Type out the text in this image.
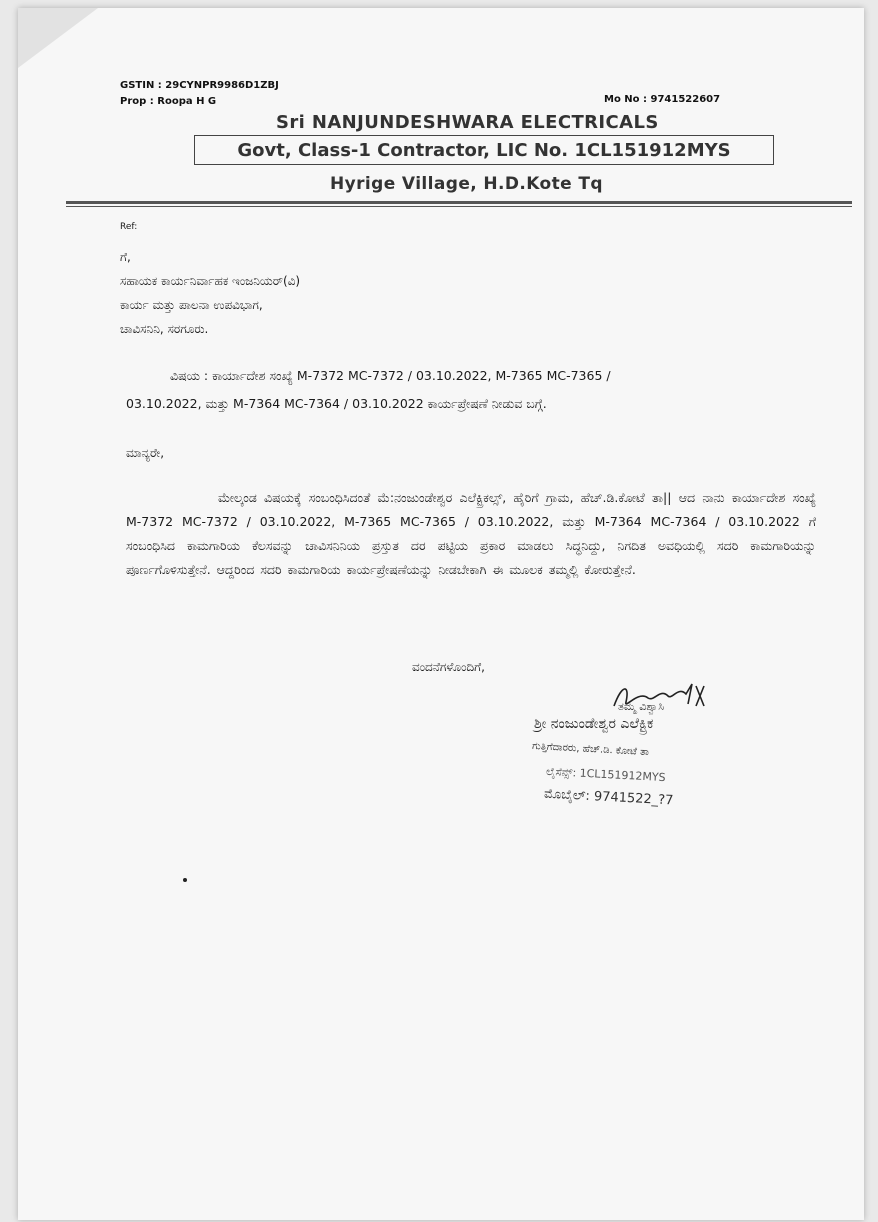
GSTIN : 29CYNPR9986D1ZBJ
Prop : Roopa H G	Mo No : 9741522607
Sri NANJUNDESHWARA ELECTRICALS
Govt, Class-1 Contractor, LIC No. 1CL151912MYS
Hyrige Village, H.D.Kote Tq
Ref:
ಗೆ,
ಸಹಾಯಕ ಕಾರ್ಯನಿರ್ವಾಹಕ ಇಂಜನಿಯರ್(ವಿ)
ಕಾರ್ಯ ಮತ್ತು ಪಾಲನಾ ಉಪವಿಭಾಗ,
ಚಾವಿಸನಿನಿ, ಸರಗೂರು.
ವಿಷಯ : ಕಾರ್ಯಾದೇಶ ಸಂಖ್ಯೆ M-7372 MC-7372 / 03.10.2022, M-7365 MC-7365 /
03.10.2022, ಮತ್ತು M-7364 MC-7364 / 03.10.2022 ಕಾರ್ಯಪ್ರೇಷಣೆ ನೀಡುವ ಬಗ್ಗೆ.
ಮಾನ್ಯರೇ,
ಮೇಲ್ಕಂಡ ವಿಷಯಕ್ಕೆ ಸಂಬಂಧಿಸಿದಂತೆ ಮೆ:ನಂಜುಂಡೇಶ್ವರ ಎಲೆಕ್ಟ್ರಿಕಲ್ಸ್, ಹೈರಿಗೆ ಗ್ರಾಮ, ಹೆಚ್.ಡಿ.ಕೋಟೆ ತಾ|| ಆದ ನಾನು ಕಾರ್ಯಾದೇಶ ಸಂಖ್ಯೆ M-7372 MC-7372 / 03.10.2022, M-7365 MC-7365 / 03.10.2022, ಮತ್ತು M-7364 MC-7364 / 03.10.2022 ಗೆ ಸಂಬಂಧಿಸಿದ ಕಾಮಗಾರಿಯ ಕೆಲಸವನ್ನು ಚಾವಿಸನಿನಿಯ ಪ್ರಸ್ತುತ ದರ ಪಟ್ಟಿಯ ಪ್ರಕಾರ ಮಾಡಲು ಸಿದ್ಧನಿದ್ದು, ನಿಗದಿತ ಅವಧಿಯಲ್ಲಿ ಸದರಿ ಕಾಮಗಾರಿಯನ್ನು ಪೂರ್ಣಗೊಳಿಸುತ್ತೇನೆ. ಆದ್ದರಿಂದ ಸದರಿ ಕಾಮಗಾರಿಯ ಕಾರ್ಯಪ್ರೇಷಣೆಯನ್ನು ನೀಡಬೇಕಾಗಿ ಈ ಮೂಲಕ ತಮ್ಮಲ್ಲಿ ಕೋರುತ್ತೇನೆ.
ವಂದನೆಗಳೊಂದಿಗೆ,
ತಮ್ಮ ವಿಶ್ವಾಸಿ
ಶ್ರೀ ನಂಜುಂಡೇಶ್ವರ ಎಲೆಕ್ಟ್ರಿಕ
ಗುತ್ತಿಗೆದಾರರು, ಹೆಚ್.ಡಿ. ಕೋಟೆ ತಾ
ಲೈಸೆನ್ಸ್: 1CL151912MYS
ಮೊಬೈಲ್: 9741522_?7
